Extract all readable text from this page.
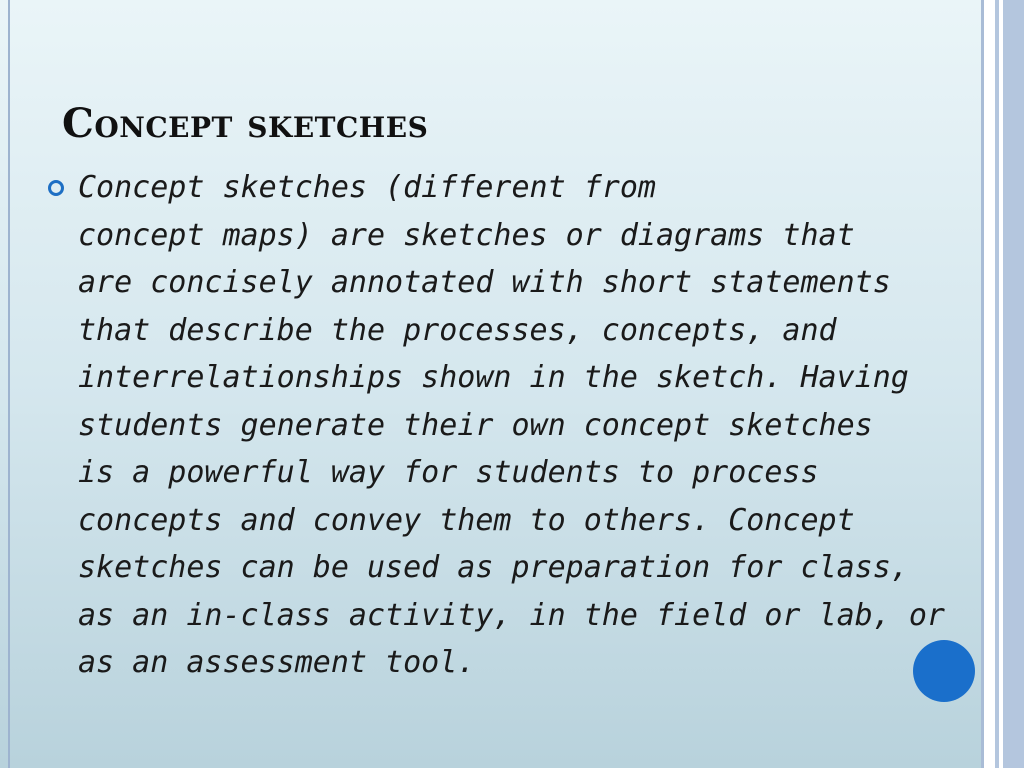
Concept sketches

Concept sketches (different from
concept maps) are sketches or diagrams that
are concisely annotated with short statements
that describe the processes, concepts, and
interrelationships shown in the sketch. Having
students generate their own concept sketches
is a powerful way for students to process
concepts and convey them to others. Concept
sketches can be used as preparation for class,
as an in-class activity, in the field or lab, or
as an assessment tool.
